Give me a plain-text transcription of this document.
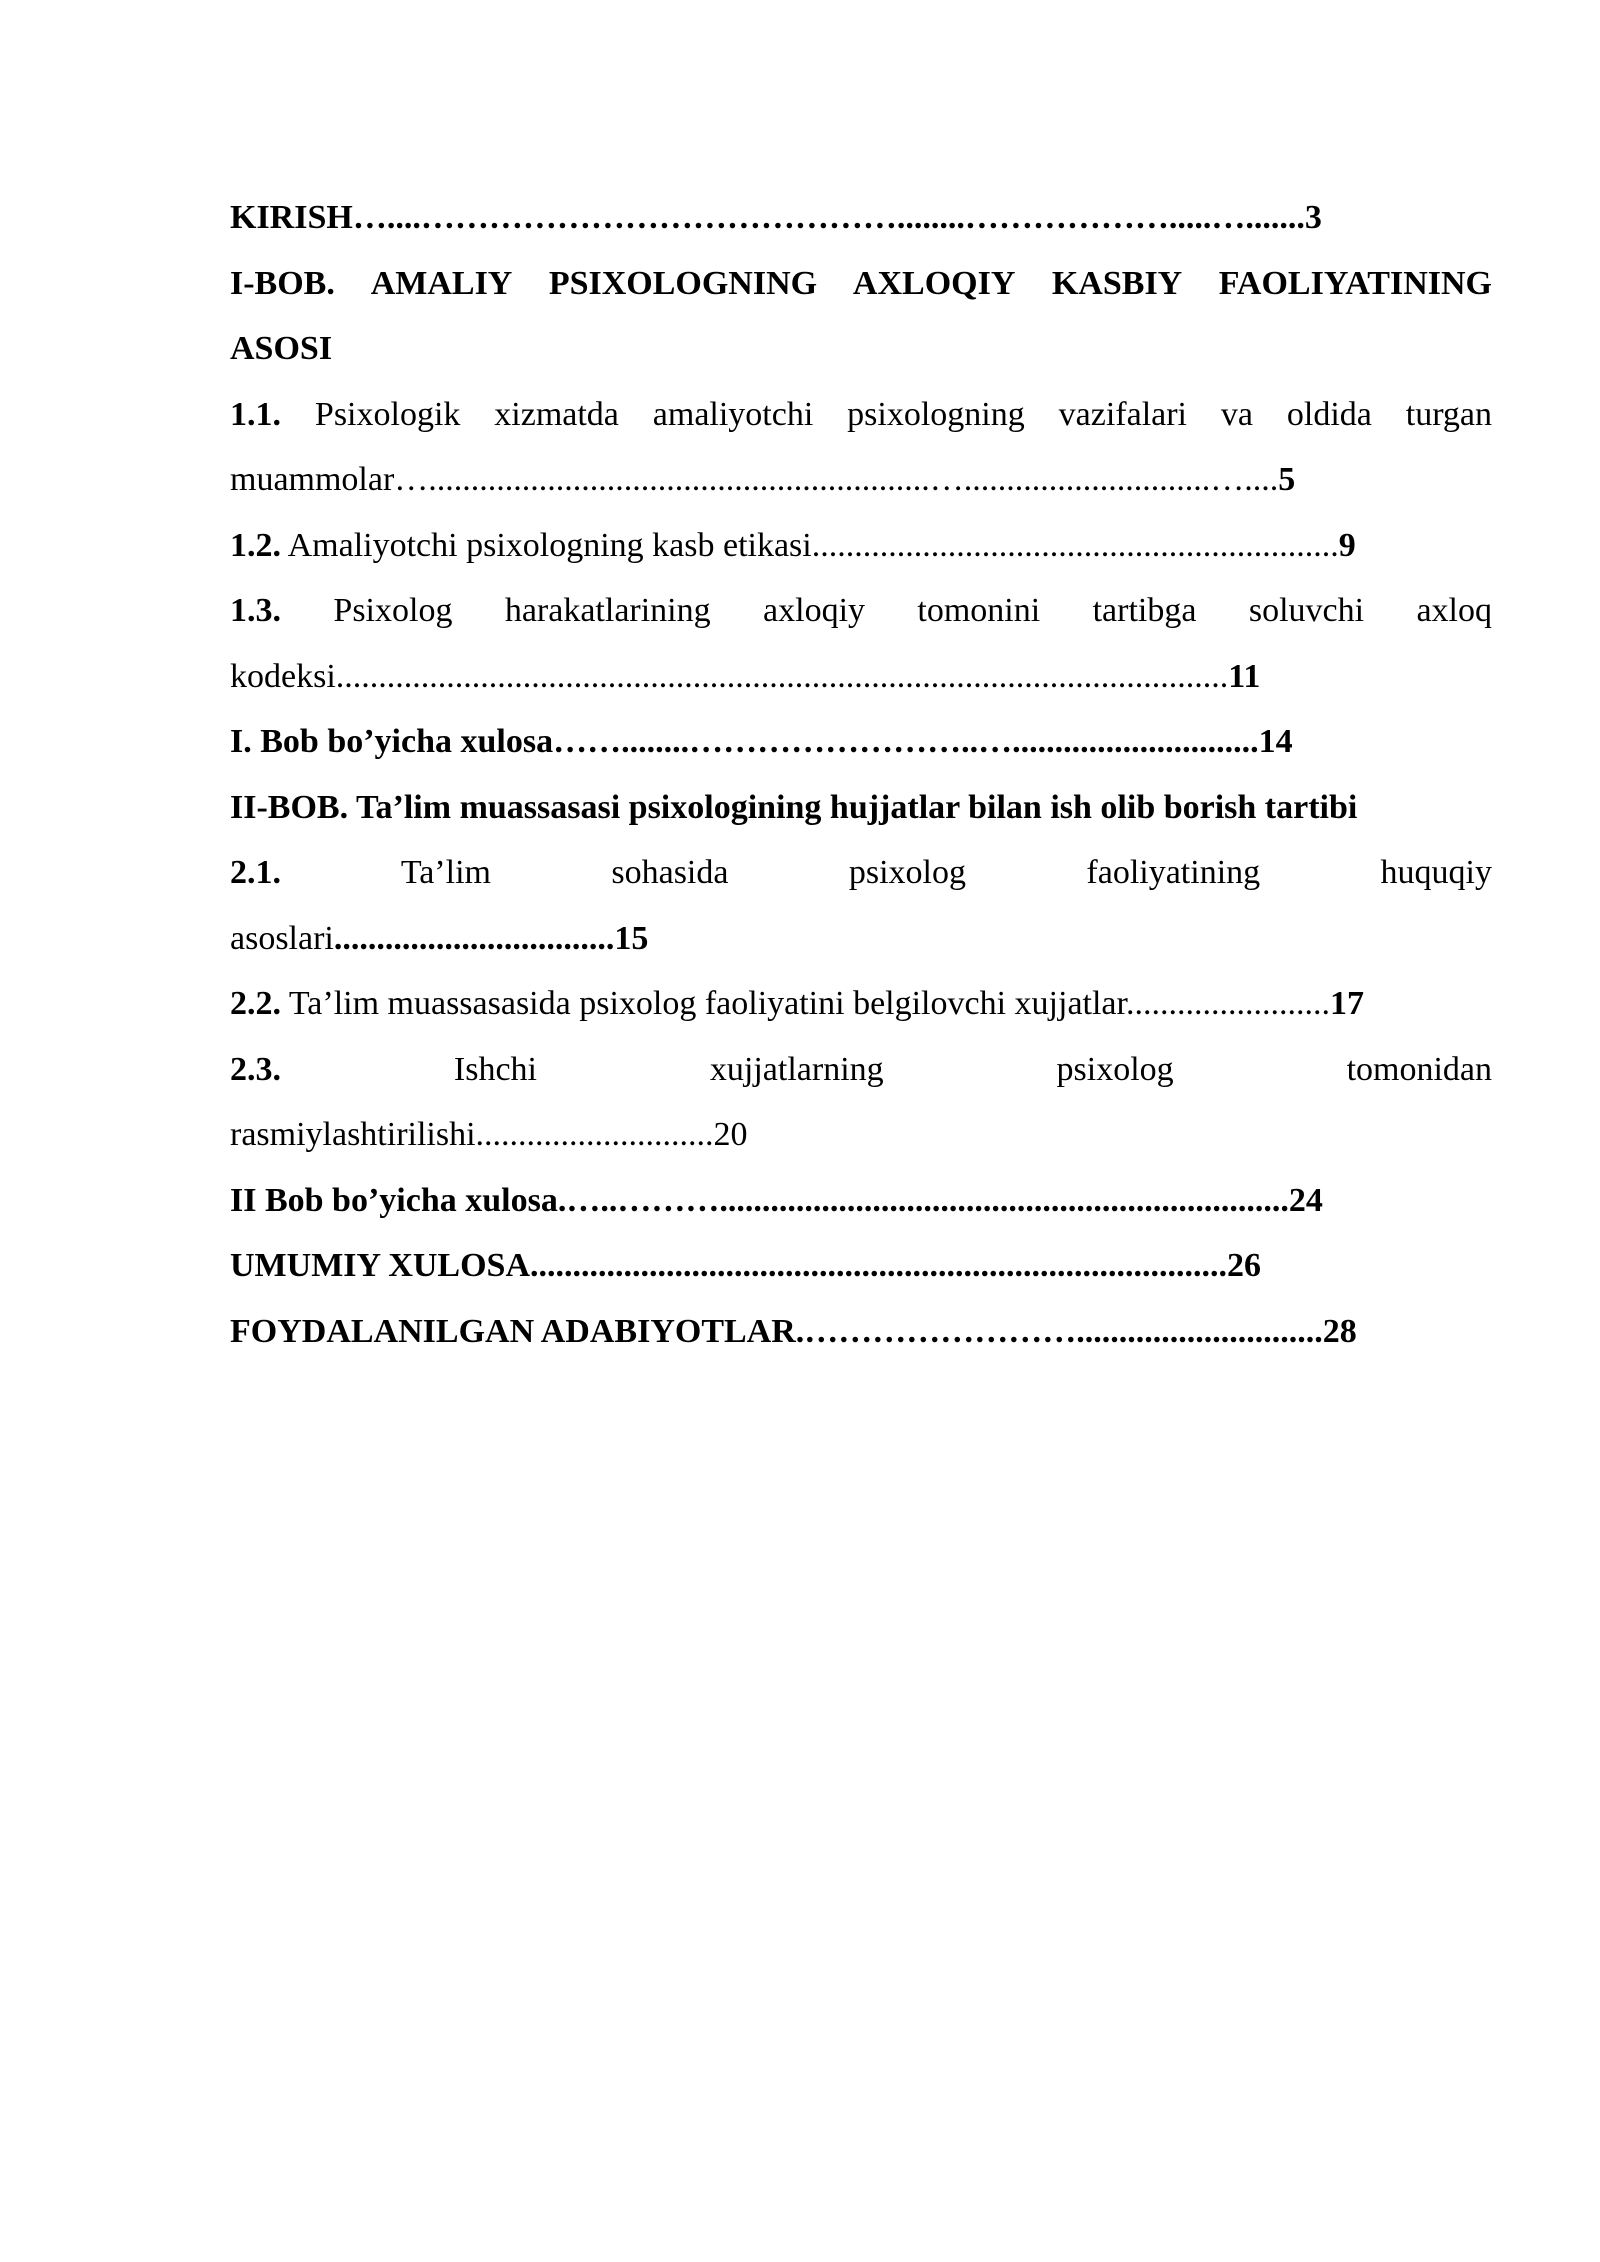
KIRISH…....……………………………………........……………….....….......3
I-BOB. AMALIY PSIXOLOGNING AXLOQIY KASBIY FAOLIYATINING
ASOSI
1.1. Psixologik xizmatda amaliyotchi psixologning vazifalari va oldida turgan
muammolar…...........................................................….............................…....5
1.2. Amaliyotchi psixologning kasb etikasi..............................................................9
1.3. Psixolog harakatlarining axloqiy tomonini tartibga soluvchi axloq
kodeksi.........................................................................................................11
I. Bob bo’yicha xulosa……........……………………..….............................14
II-BOB. Ta’lim muassasasi psixologining hujjatlar bilan ish olib borish tartibi
2.1.	Ta’lim sohasida psixolog faoliyatining huquqiy
asoslari.................................15
2.2. Ta’lim muassasasida psixolog faoliyatini belgilovchi xujjatlar........................17
2.3.	Ishchi xujjatlarning psixolog tomonidan
rasmiylashtirilishi............................20
II Bob bo’yicha xulosa.…..………...................................................................24
UMUMIY XULOSA..................................................................................26
FOYDALANILGAN ADABIYOTLAR.…………………….............................28
